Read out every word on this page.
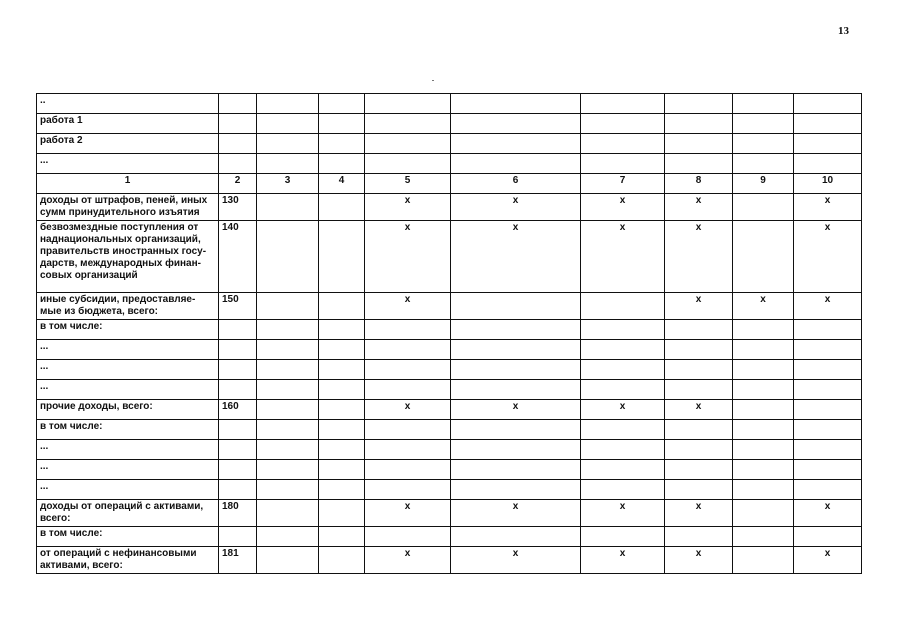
13
..									
работа 1									
работа 2									
...									
1	2	3	4	5	6	7	8	9	10
доходы от штрафов, пеней, иных сумм принудительного изъятия	130			x	x	x	x		x
безвозмездные поступления от наднациональных организаций, правительств иностранных госу-дарств, международных финан-совых организаций	140			x	x	x	x		x
иные субсидии, предоставляе-мые из бюджета, всего:	150			x			x	x	x
в том числе:									
...									
...									
...									
прочие доходы, всего:	160			x	x	x	x		
в том числе:									
...									
...									
...									
доходы от операций с активами, всего:	180			x	x	x	x		x
в том числе:									
от операций с нефинансовыми активами, всего:	181			x	x	x	x		x
